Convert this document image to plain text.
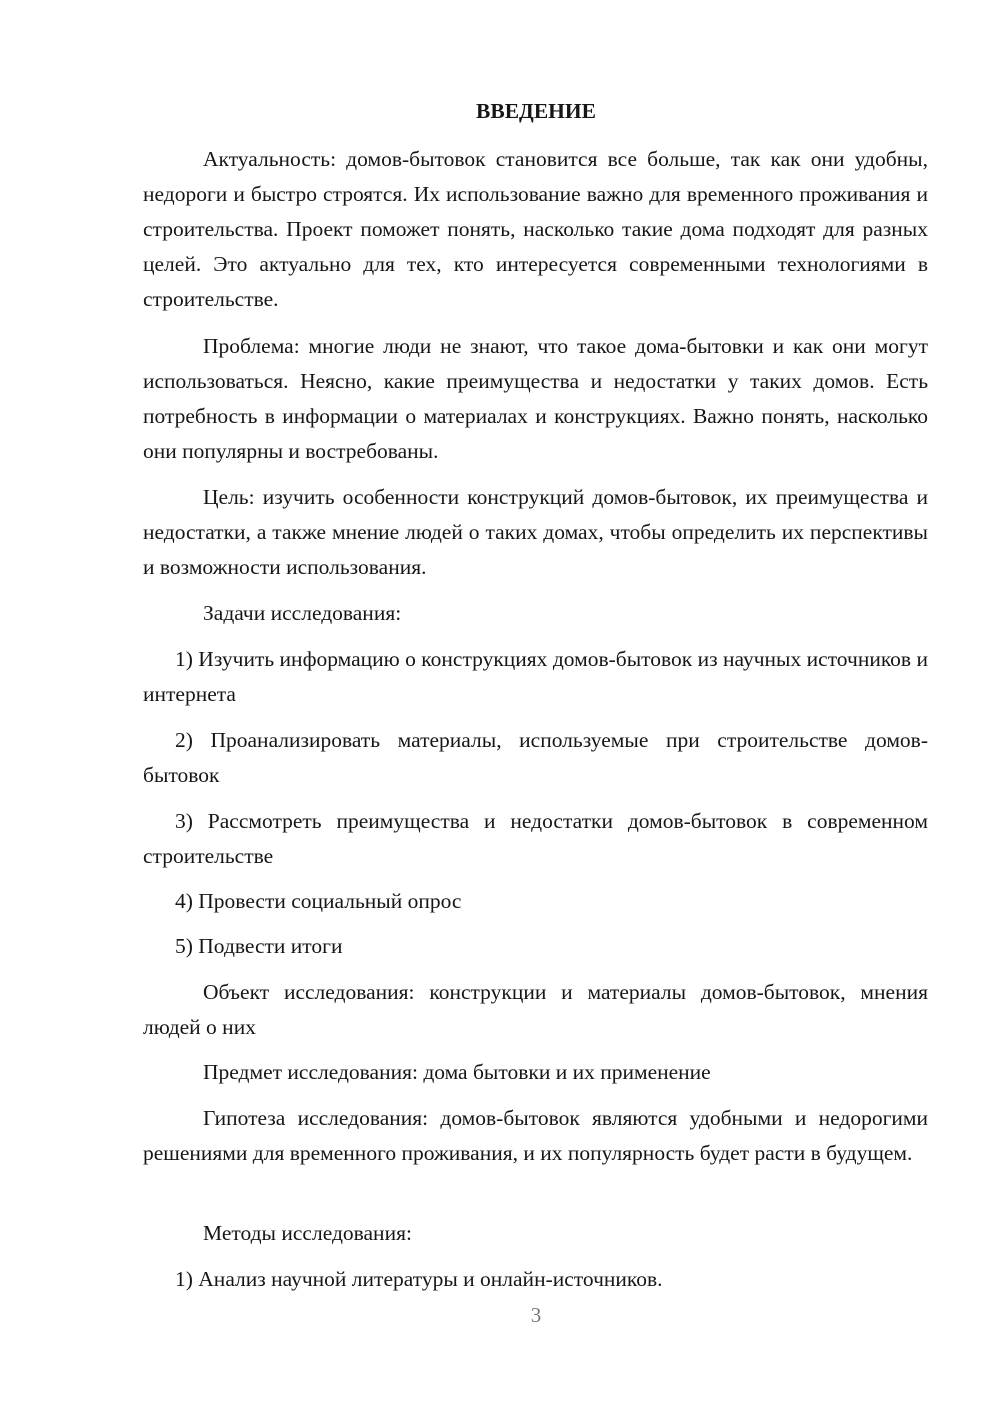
ВВЕДЕНИЕ

Актуальность: домов-бытовок становится все больше, так как они удобны, недороги и быстро строятся. Их использование важно для временного проживания и строительства. Проект поможет понять, насколько такие дома подходят для разных целей. Это актуально для тех, кто интересуется современными технологиями в строительстве.

Проблема: многие люди не знают, что такое дома-бытовки и как они могут использоваться. Неясно, какие преимущества и недостатки у таких домов. Есть потребность в информации о материалах и конструкциях. Важно понять, насколько они популярны и востребованы.

Цель: изучить особенности конструкций домов-бытовок, их преимущества и недостатки, а также мнение людей о таких домах, чтобы определить их перспективы и возможности использования.

Задачи исследования:

1) Изучить информацию о конструкциях домов-бытовок из научных источников и интернета

2) Проанализировать материалы, используемые при строительстве домов-бытовок

3) Рассмотреть преимущества и недостатки домов-бытовок в современном строительстве

4) Провести социальный опрос

5) Подвести итоги

Объект исследования: конструкции и материалы домов-бытовок, мнения людей о них

Предмет исследования: дома бытовки и их применение

Гипотеза исследования: домов-бытовок являются удобными и недорогими решениями для временного проживания, и их популярность будет расти в будущем.

Методы исследования:

1) Анализ научной литературы и онлайн-источников.

3
